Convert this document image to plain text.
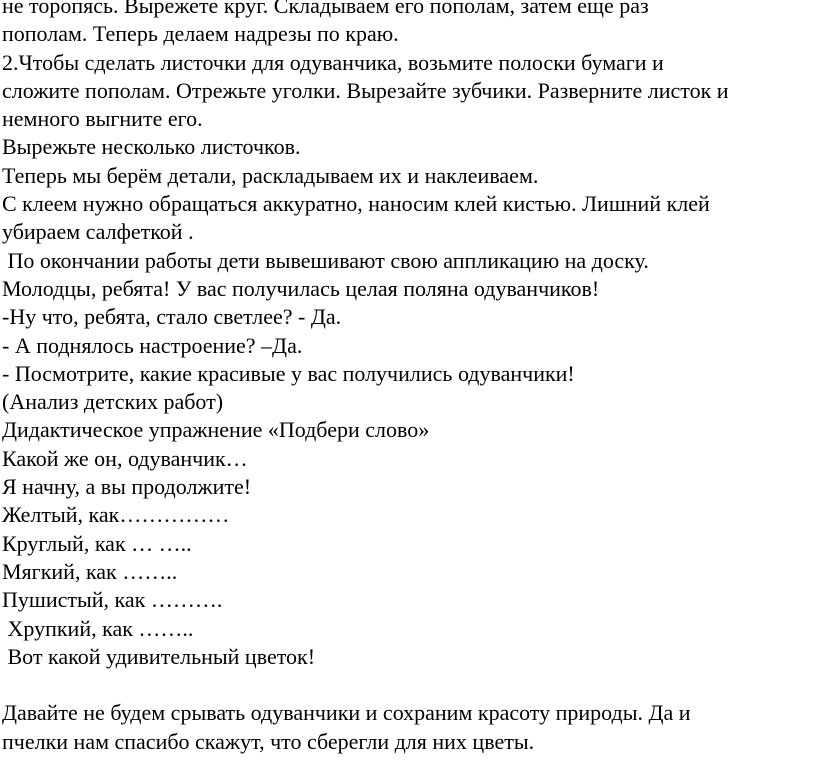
не торопясь. Вырежете круг. Складываем его пополам, затем еще раз
пополам. Теперь делаем надрезы по краю.
2.Чтобы сделать листочки для одуванчика, возьмите полоски бумаги и
сложите пополам. Отрежьте уголки. Вырезайте зубчики. Разверните листок и
немного выгните его.
Вырежьте несколько листочков.
Теперь мы берём детали, раскладываем их и наклеиваем.
С клеем нужно обращаться аккуратно, наносим клей кистью. Лишний клей
убираем салфеткой .
По окончании работы дети вывешивают свою аппликацию на доску.
Молодцы, ребята! У вас получилась целая поляна одуванчиков!
-Ну что, ребята, стало светлее? - Да.
- А поднялось настроение? –Да.
- Посмотрите, какие красивые у вас получились одуванчики!
(Анализ детских работ)
Дидактическое упражнение «Подбери слово»
Какой же он, одуванчик…
Я начну, а вы продолжите!
Желтый, как……………
Круглый, как … …..
Мягкий, как ……..
Пушистый, как ……….
Хрупкий, как ……..
Вот какой удивительный цветок!
Давайте не будем срывать одуванчики и сохраним красоту природы. Да и
пчелки нам спасибо скажут, что сберегли для них цветы.
